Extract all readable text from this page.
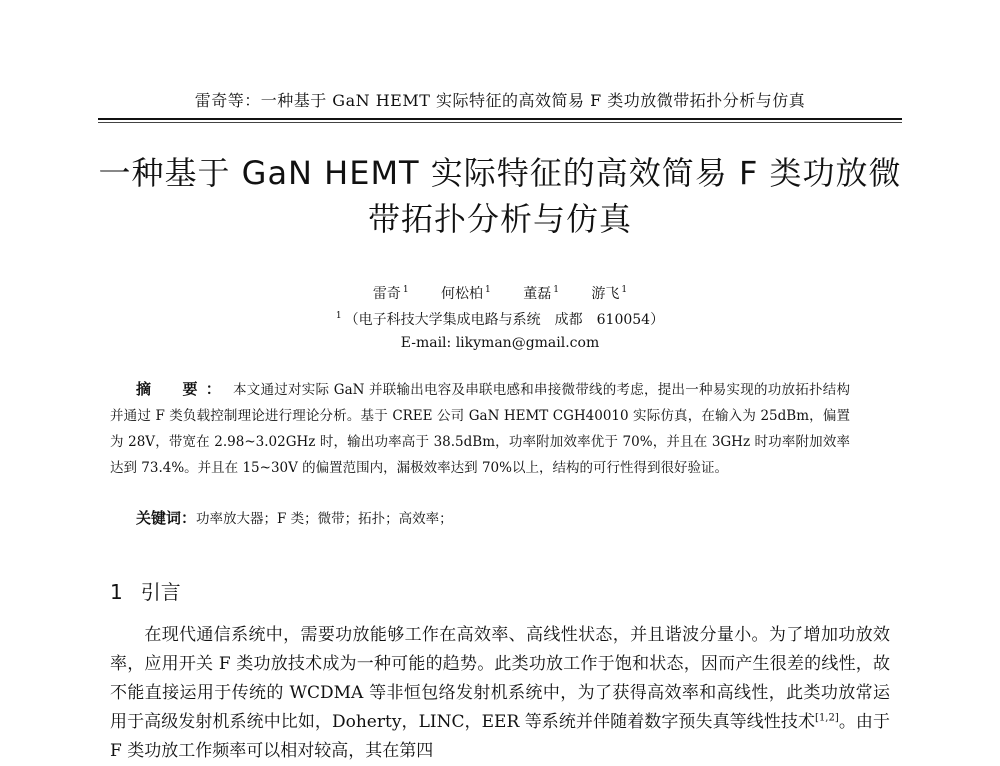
雷奇等：一种基于 GaN HEMT 实际特征的高效简易 F 类功放微带拓扑分析与仿真
一种基于 GaN HEMT 实际特征的高效简易 F 类功放微
带拓扑分析与仿真
雷奇 $^1$ 何松柏 $^1$ 董磊 $^1$ 游飞 $^1$
$^1$ （电子科技大学集成电路与系统　成都　610054）
E-mail: likyman@gmail.com
摘　要： 本文通过对实际 GaN 并联输出电容及串联电感和串接微带线的考虑，提出一种易实现的功放拓扑结构并通过 F 类负载控制理论进行理论分析。基于 CREE 公司 GaN HEMT CGH40010 实际仿真，在输入为 25dBm，偏置为 28V，带宽在 2.98~3.02GHz 时，输出功率高于 38.5dBm，功率附加效率优于 70%，并且在 3GHz 时功率附加效率达到 73.4%。并且在 15~30V 的偏置范围内，漏极效率达到 70%以上，结构的可行性得到很好验证。
关键词：功率放大器；F 类；微带；拓扑；高效率；
1 引言
在现代通信系统中，需要功放能够工作在高效率、高线性状态，并且谐波分量小。为了增加功放效率，应用开关 F 类功放技术成为一种可能的趋势。此类功放工作于饱和状态，因而产生很差的线性，故不能直接运用于传统的 WCDMA 等非恒包络发射机系统中，为了获得高效率和高线性，此类功放常运用于高级发射机系统中比如，Doherty，LINC，EER 等系统并伴随着数字预失真等线性技术[1,2]。由于 F 类功放工作频率可以相对较高，其在第四
